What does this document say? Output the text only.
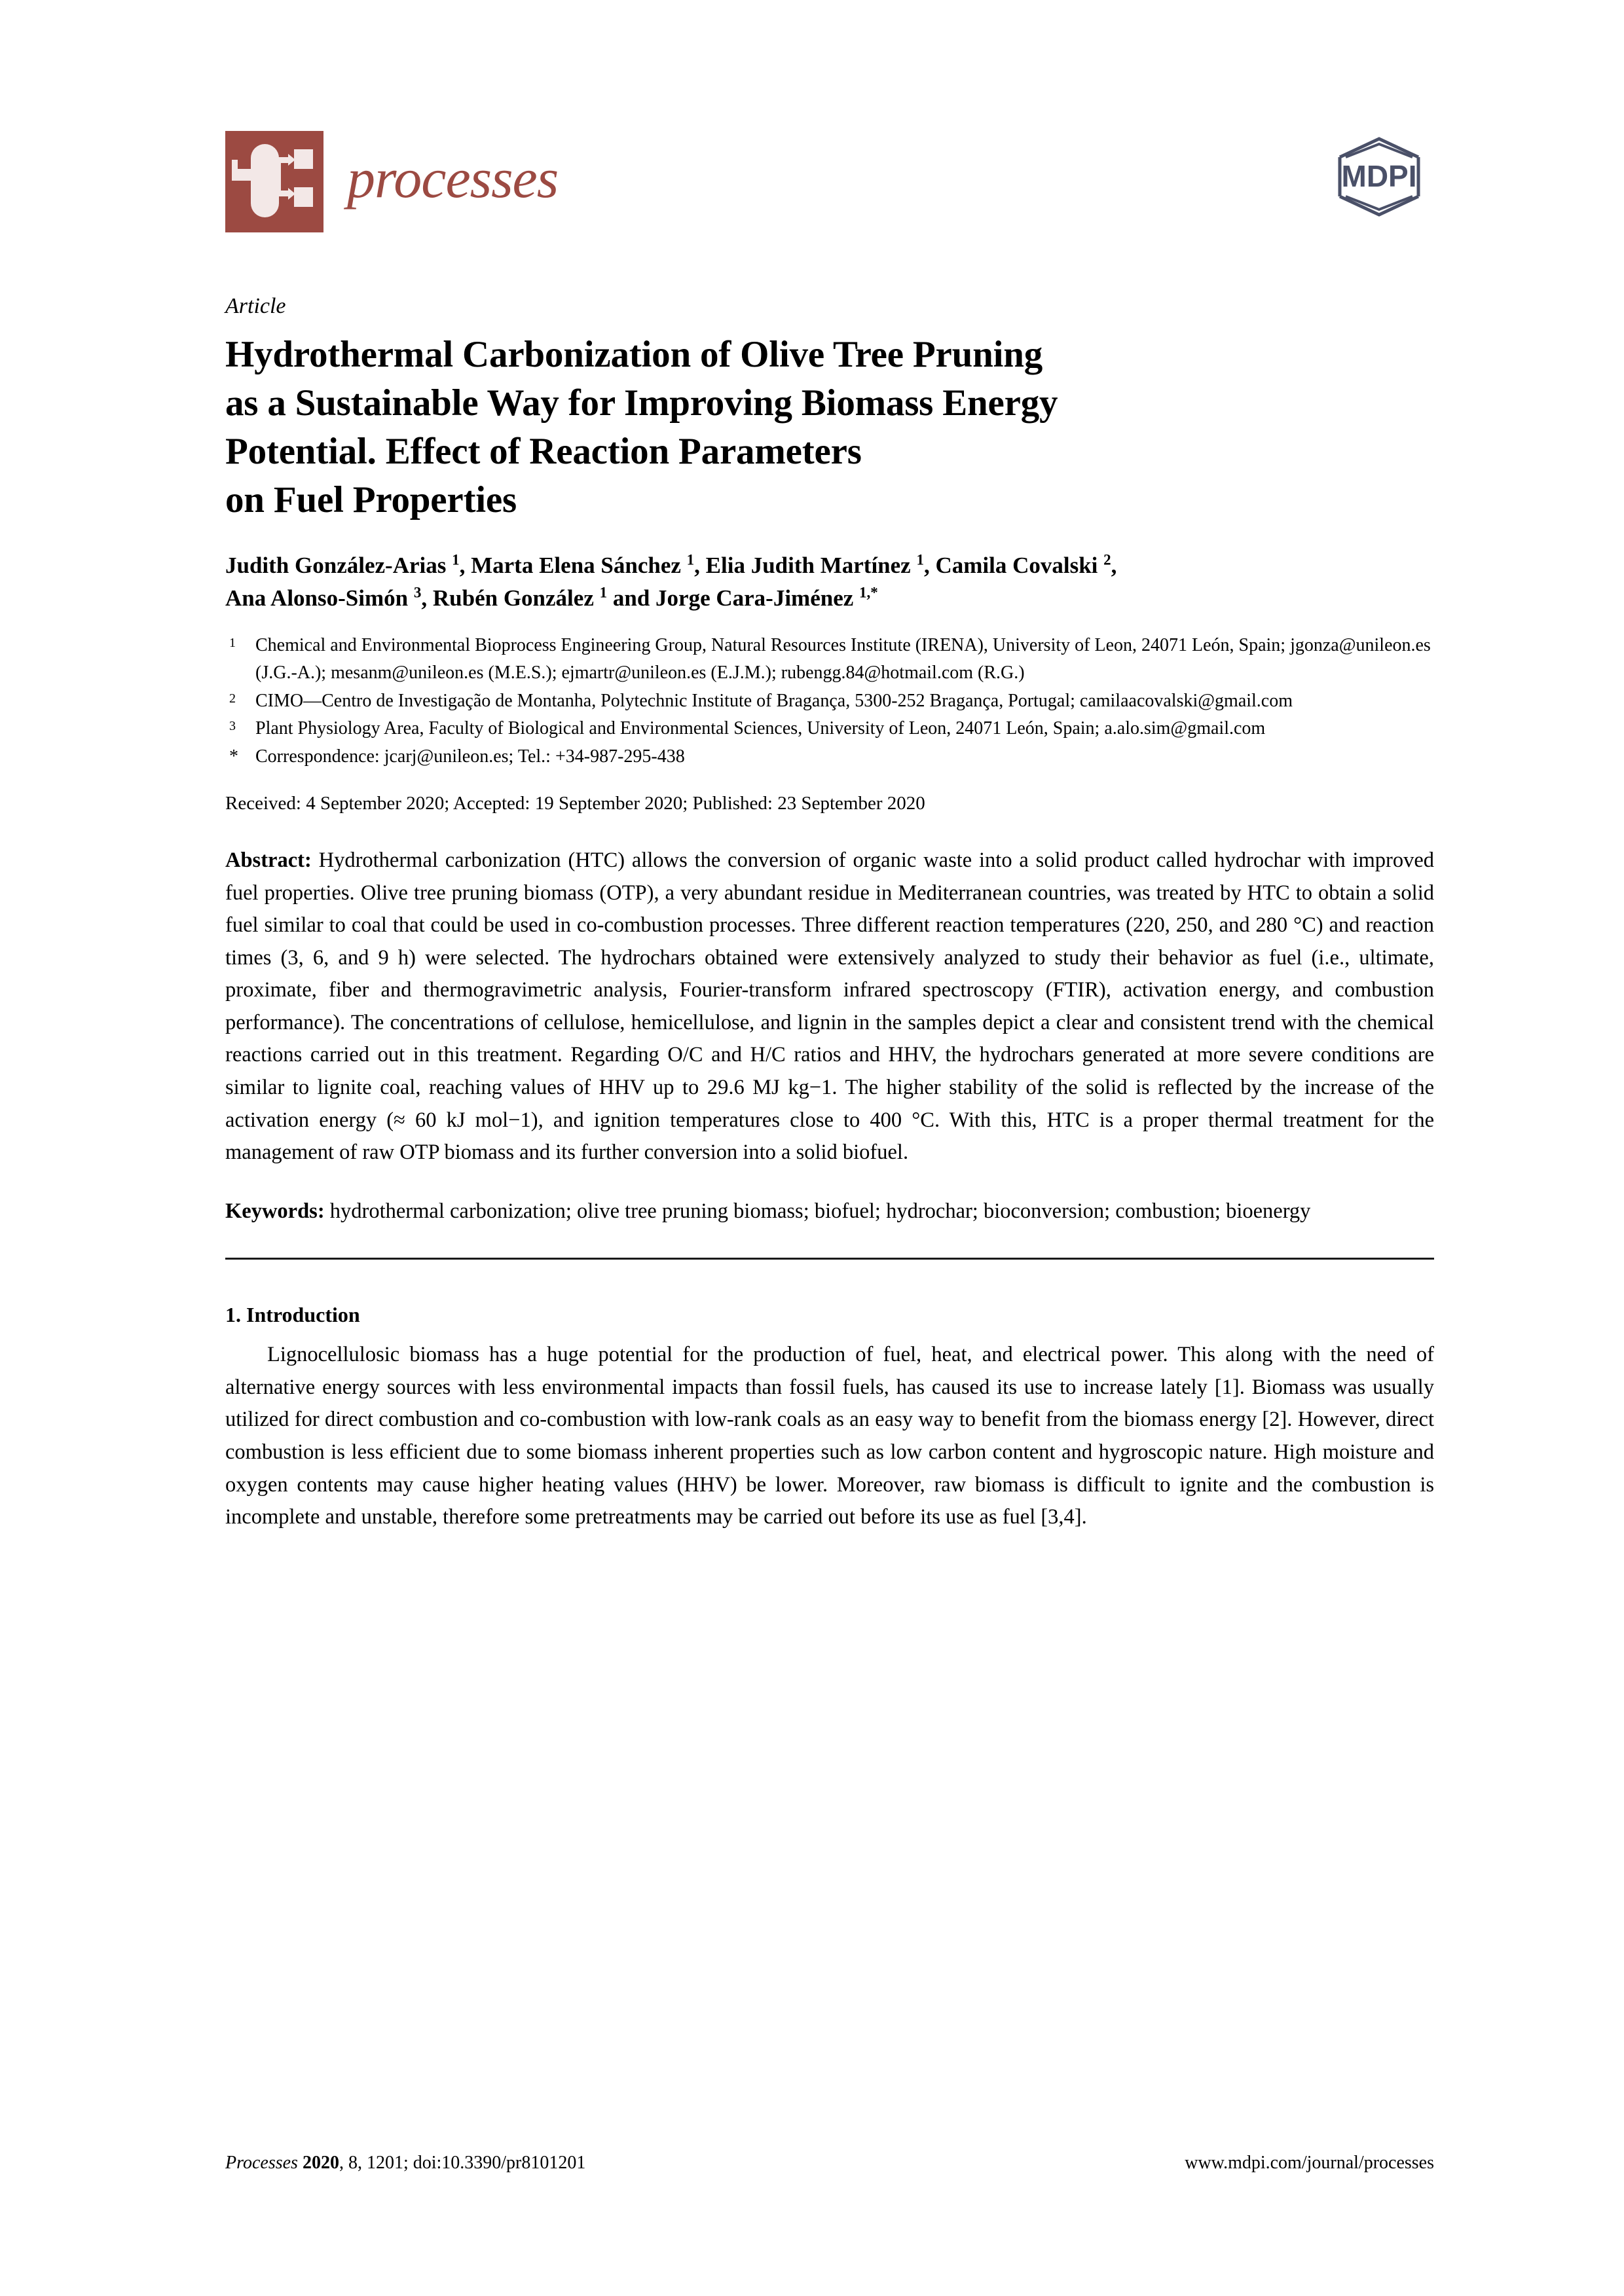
processes	MDPI
Article
Hydrothermal Carbonization of Olive Tree Pruning
as a Sustainable Way for Improving Biomass Energy
Potential. Effect of Reaction Parameters
on Fuel Properties
Judith González-Arias $^1$, Marta Elena Sánchez $^1$, Elia Judith Martínez $^1$, Camila Covalski $^2$,
Ana Alonso-Simón $^3$, Rubén González $^1$ and Jorge Cara-Jiménez $^{1,*}$
1	Chemical and Environmental Bioprocess Engineering Group, Natural Resources Institute (IRENA), University of Leon, 24071 León, Spain; jgonza@unileon.es (J.G.-A.); mesanm@unileon.es (M.E.S.); ejmartr@unileon.es (E.J.M.); rubengg.84@hotmail.com (R.G.)
2	CIMO—Centro de Investigação de Montanha, Polytechnic Institute of Bragança, 5300-252 Bragança, Portugal; camilaacovalski@gmail.com
3	Plant Physiology Area, Faculty of Biological and Environmental Sciences, University of Leon, 24071 León, Spain; a.alo.sim@gmail.com
* Correspondence: jcarj@unileon.es; Tel.: +34-987-295-438
Received: 4 September 2020; Accepted: 19 September 2020; Published: 23 September 2020
Abstract: Hydrothermal carbonization (HTC) allows the conversion of organic waste into a solid product called hydrochar with improved fuel properties. Olive tree pruning biomass (OTP), a very abundant residue in Mediterranean countries, was treated by HTC to obtain a solid fuel similar to coal that could be used in co-combustion processes. Three different reaction temperatures (220, 250, and 280 °C) and reaction times (3, 6, and 9 h) were selected. The hydrochars obtained were extensively analyzed to study their behavior as fuel (i.e., ultimate, proximate, fiber and thermogravimetric analysis, Fourier-transform infrared spectroscopy (FTIR), activation energy, and combustion performance). The concentrations of cellulose, hemicellulose, and lignin in the samples depict a clear and consistent trend with the chemical reactions carried out in this treatment. Regarding O/C and H/C ratios and HHV, the hydrochars generated at more severe conditions are similar to lignite coal, reaching values of HHV up to 29.6 MJ kg−1. The higher stability of the solid is reflected by the increase of the activation energy (≈ 60 kJ mol−1), and ignition temperatures close to 400 °C. With this, HTC is a proper thermal treatment for the management of raw OTP biomass and its further conversion into a solid biofuel.
Keywords: hydrothermal carbonization; olive tree pruning biomass; biofuel; hydrochar; bioconversion; combustion; bioenergy
1. Introduction
Lignocellulosic biomass has a huge potential for the production of fuel, heat, and electrical power. This along with the need of alternative energy sources with less environmental impacts than fossil fuels, has caused its use to increase lately [1]. Biomass was usually utilized for direct combustion and co-combustion with low-rank coals as an easy way to benefit from the biomass energy [2]. However, direct combustion is less efficient due to some biomass inherent properties such as low carbon content and hygroscopic nature. High moisture and oxygen contents may cause higher heating values (HHV) be lower. Moreover, raw biomass is difficult to ignite and the combustion is incomplete and unstable, therefore some pretreatments may be carried out before its use as fuel [3,4].
Processes 2020, 8, 1201; doi:10.3390/pr8101201	www.mdpi.com/journal/processes
